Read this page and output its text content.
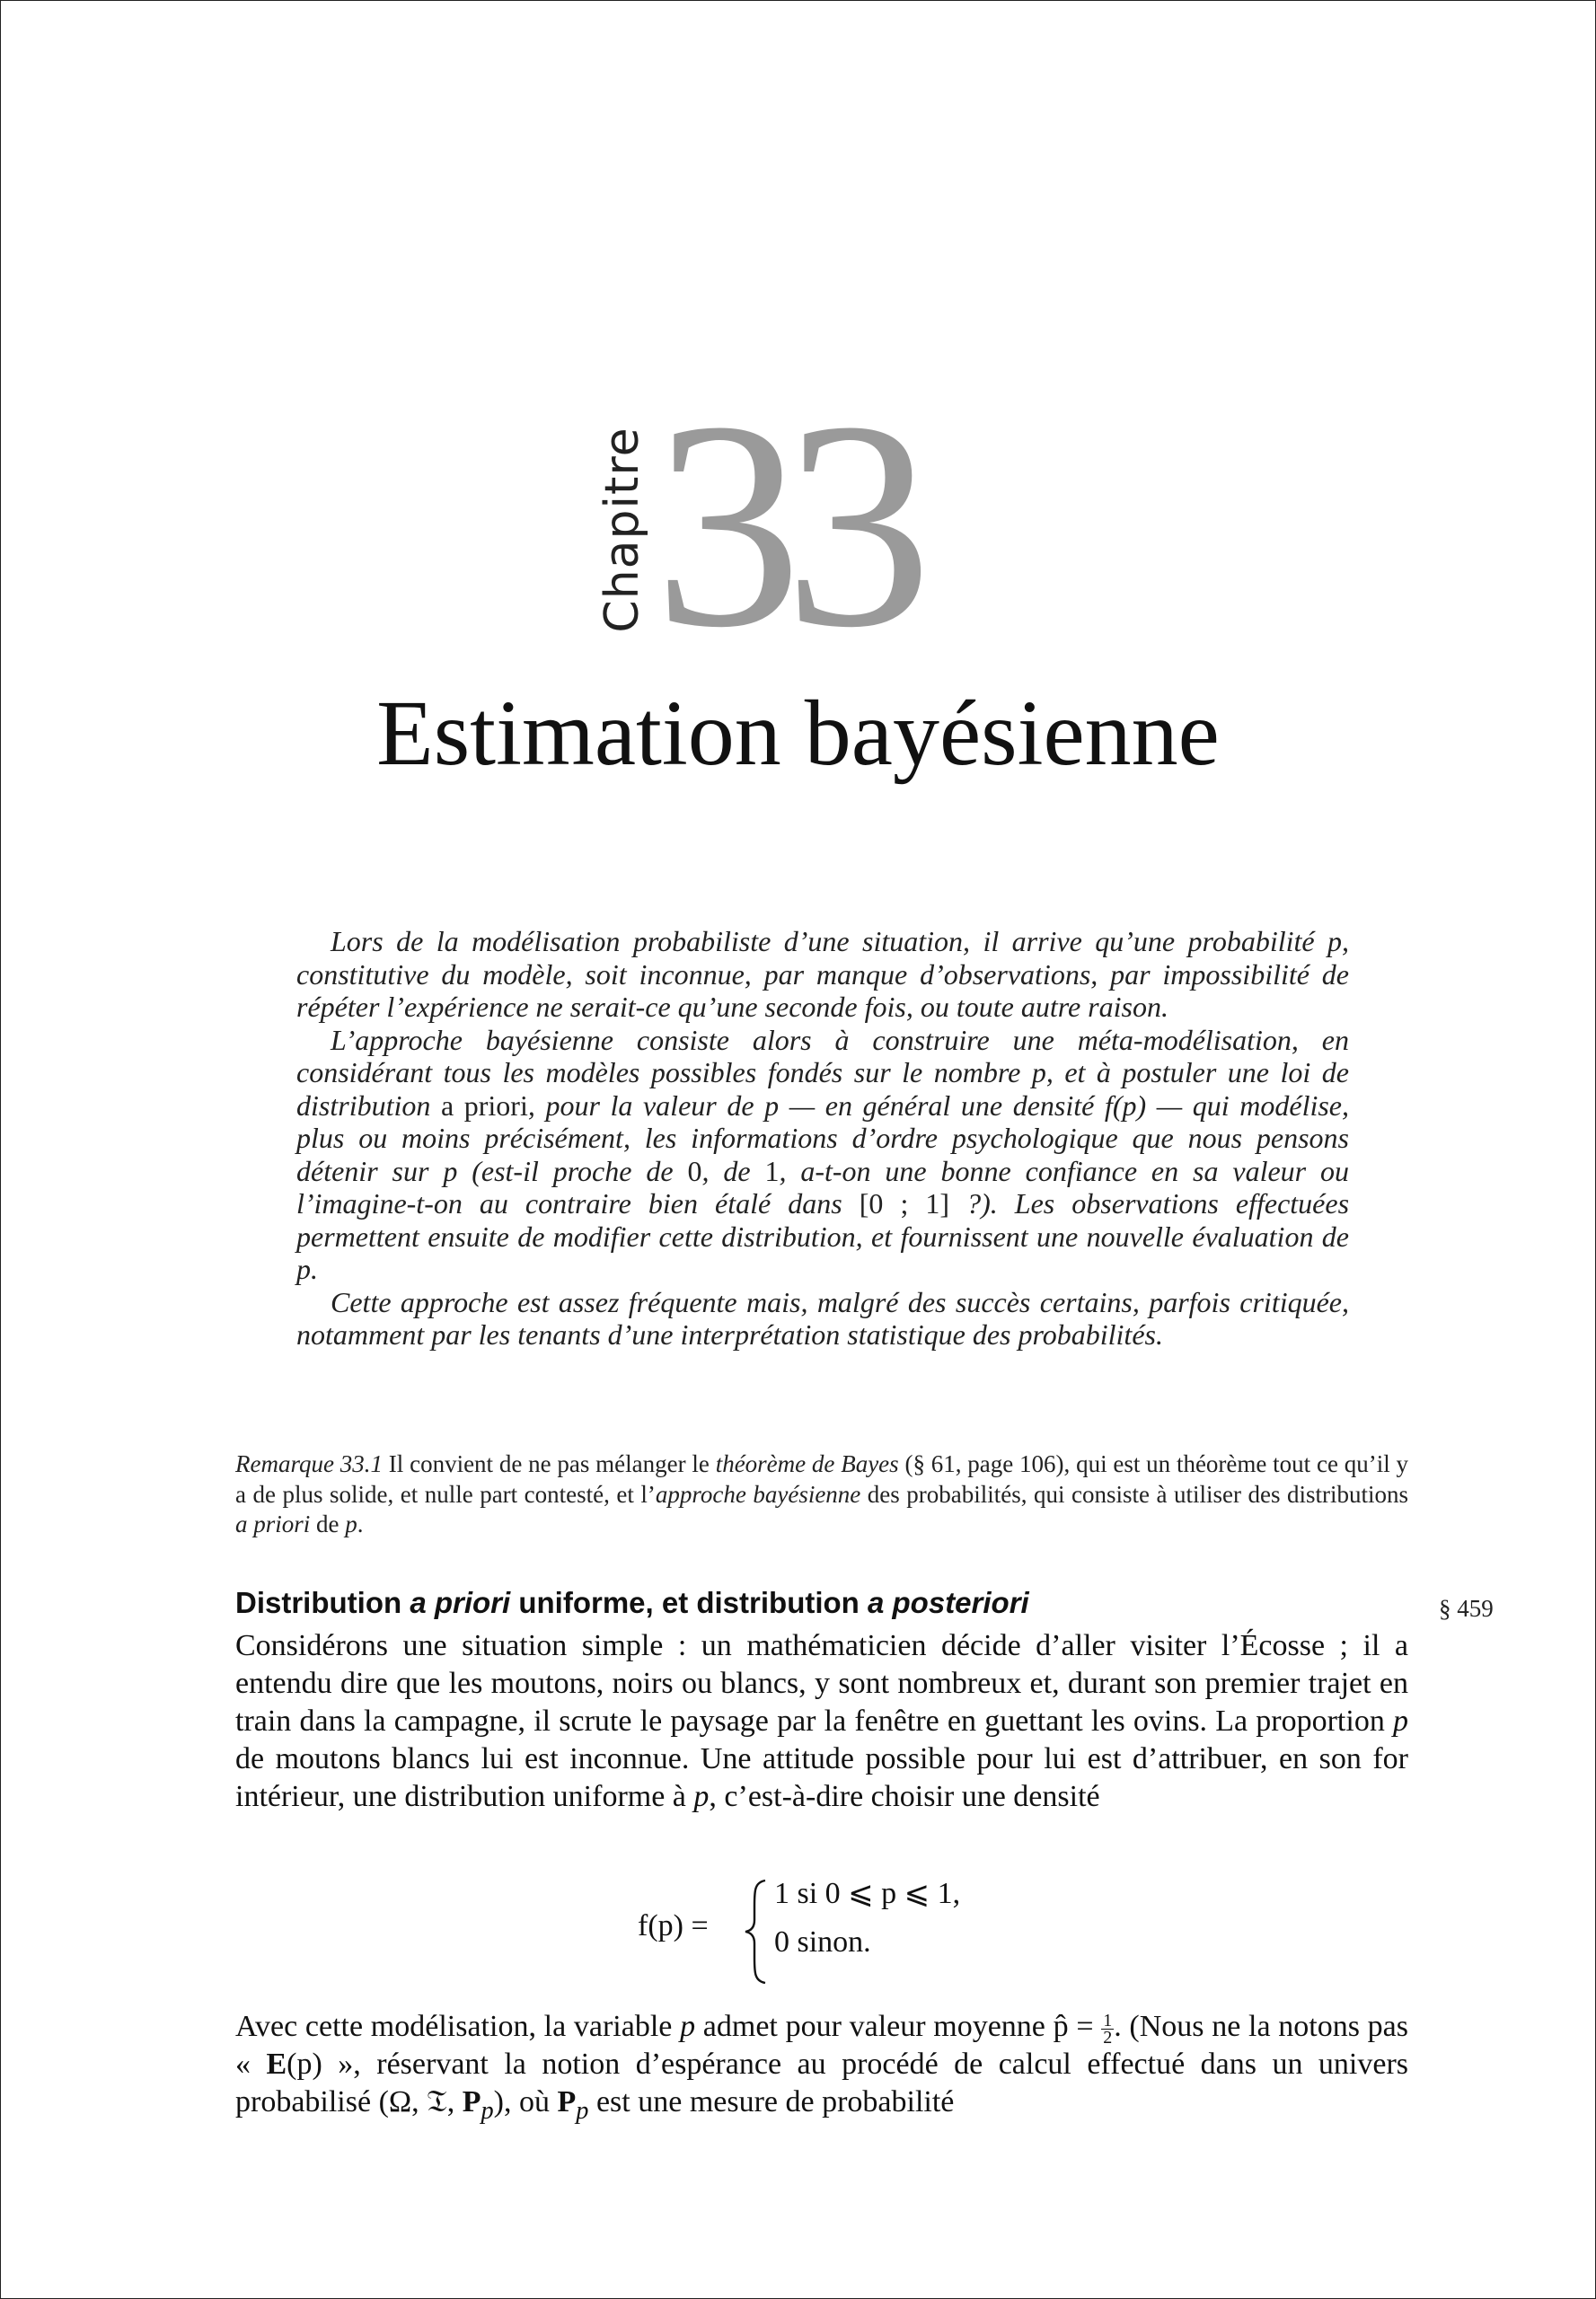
Chapitre 33
Estimation bayésienne

Lors de la modélisation probabiliste d’une situation, il arrive qu’une probabilité p, constitutive du modèle, soit inconnue, par manque d’observations, par impossibilité de répéter l’expérience ne serait-ce qu’une seconde fois, ou toute autre raison.

L’approche bayésienne consiste alors à construire une méta-modélisation, en considérant tous les modèles possibles fondés sur le nombre p, et à postuler une loi de distribution a priori, pour la valeur de p — en général une densité f(p) — qui modélise, plus ou moins précisément, les informations d’ordre psychologique que nous pensons détenir sur p (est-il proche de 0, de 1, a-t-on une bonne confiance en sa valeur ou l’imagine-t-on au contraire bien étalé dans [0 ; 1] ?). Les observations effectuées permettent ensuite de modifier cette distribution, et fournissent une nouvelle évaluation de p.

Cette approche est assez fréquente mais, malgré des succès certains, parfois critiquée, notamment par les tenants d’une interprétation statistique des probabilités.

Remarque 33.1 Il convient de ne pas mélanger le théorème de Bayes (§ 61, page 106), qui est un théorème tout ce qu’il y a de plus solide, et nulle part contesté, et l’approche bayésienne des probabilités, qui consiste à utiliser des distributions a priori de p.
Distribution a priori uniforme, et distribution a posteriori	§ 459

Considérons une situation simple : un mathématicien décide d’aller visiter l’Écosse ; il a entendu dire que les moutons, noirs ou blancs, y sont nombreux et, durant son premier trajet en train dans la campagne, il scrute le paysage par la fenêtre en guettant les ovins. La proportion p de moutons blancs lui est inconnue. Une attitude possible pour lui est d’attribuer, en son for intérieur, une distribution uniforme à p, c’est-à-dire choisir une densité

f(p) =
1 si 0 ⩽ p ⩽ 1,
0 sinon.

Avec cette modélisation, la variable p admet pour valeur moyenne p̂ = $\frac{1}{2}$ . (Nous ne la notons pas « E(p) », réservant la notion d’espérance au procédé de calcul effectué dans un univers probabilisé (Ω, 𝔗, $P_p$), où $P_p$ est une mesure de probabilité
